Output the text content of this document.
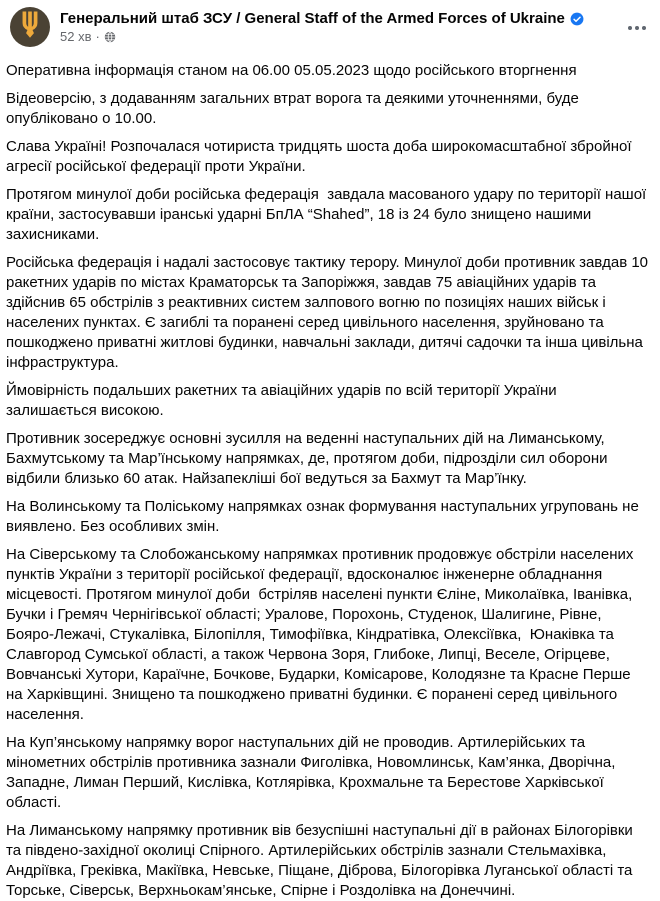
Генеральний штаб ЗСУ / General Staff of the Armed Forces of Ukraine
52 хв ·

Оперативна інформація станом на 06.00 05.05.2023 щодо російського вторгнення

Відеоверсію, з додаванням загальних втрат ворога та деякими уточненнями, буде опубліковано о 10.00.

Слава Україні! Розпочалася чотириста тридцять шоста доба широкомасштабної збройної агресії російської федерації проти України.

Протягом минулої доби російська федерація  завдала масованого удару по території нашої країни, застосувавши іранські ударні БпЛА “Shahed”, 18 із 24 було знищено нашими захисниками.

Російська федерація і надалі застосовує тактику терору. Минулої доби противник завдав 10 ракетних ударів по містах Краматорськ та Запоріжжя, завдав 75 авіаційних ударів та здійснив 65 обстрілів з реактивних систем залпового вогню по позиціях наших військ і населених пунктах. Є загиблі та поранені серед цивільного населення, зруйновано та пошкоджено приватні житлові будинки, навчальні заклади, дитячі садочки та інша цивільна інфраструктура.

Ймовірність подальших ракетних та авіаційних ударів по всій території України залишається високою.

Противник зосереджує основні зусилля на веденні наступальних дій на Лиманському, Бахмутському та Мар’їнському напрямках, де, протягом доби, підрозділи сил оборони відбили близько 60 атак. Найзапекліші бої ведуться за Бахмут та Мар’їнку.

На Волинському та Поліському напрямках ознак формування наступальних угруповань не виявлено. Без особливих змін.

На Сіверському та Слобожанському напрямках противник продовжує обстріли населених пунктів України з території російської федерації, вдосконалює інженерне обладнання місцевості. Протягом минулої доби  бстріляв населені пункти Єліне, Миколаївка, Іванівка, Бучки і Гремяч Чернігівської області; Уралове, Порохонь, Студенок, Шалигине, Рівне, Бояро-Лежачі, Стукалівка, Білопілля, Тимофіївка, Кіндратівка, Олексіївка,  Юнаківка та Славгород Сумської області, а також Червона Зоря, Глибоке, Липці, Веселе, Огірцеве, Вовчанські Хутори, Караїчне, Бочкове, Бударки, Комісарове, Колодязне та Красне Перше на Харківщині. Знищено та пошкоджено приватні будинки. Є поранені серед цивільного населення.

На Куп’янському напрямку ворог наступальних дій не проводив. Артилерійських та мінометних обстрілів противника зазнали Фиголівка, Новомлинськ, Кам’янка, Дворічна, Западне, Лиман Перший, Кислівка, Котлярівка, Крохмальне та Берестове Харківської області.

На Лиманському напрямку противник вів безуспішні наступальні дії в районах Білогорівки та південо-західної околиці Спірного. Артилерійських обстрілів зазнали Стельмахівка, Андріївка, Греківка, Макіївка, Невське, Піщане, Діброва, Білогорівка Луганської області та Торське, Сіверськ, Верхньокам’янське, Спірне і Роздолівка на Донеччині.
